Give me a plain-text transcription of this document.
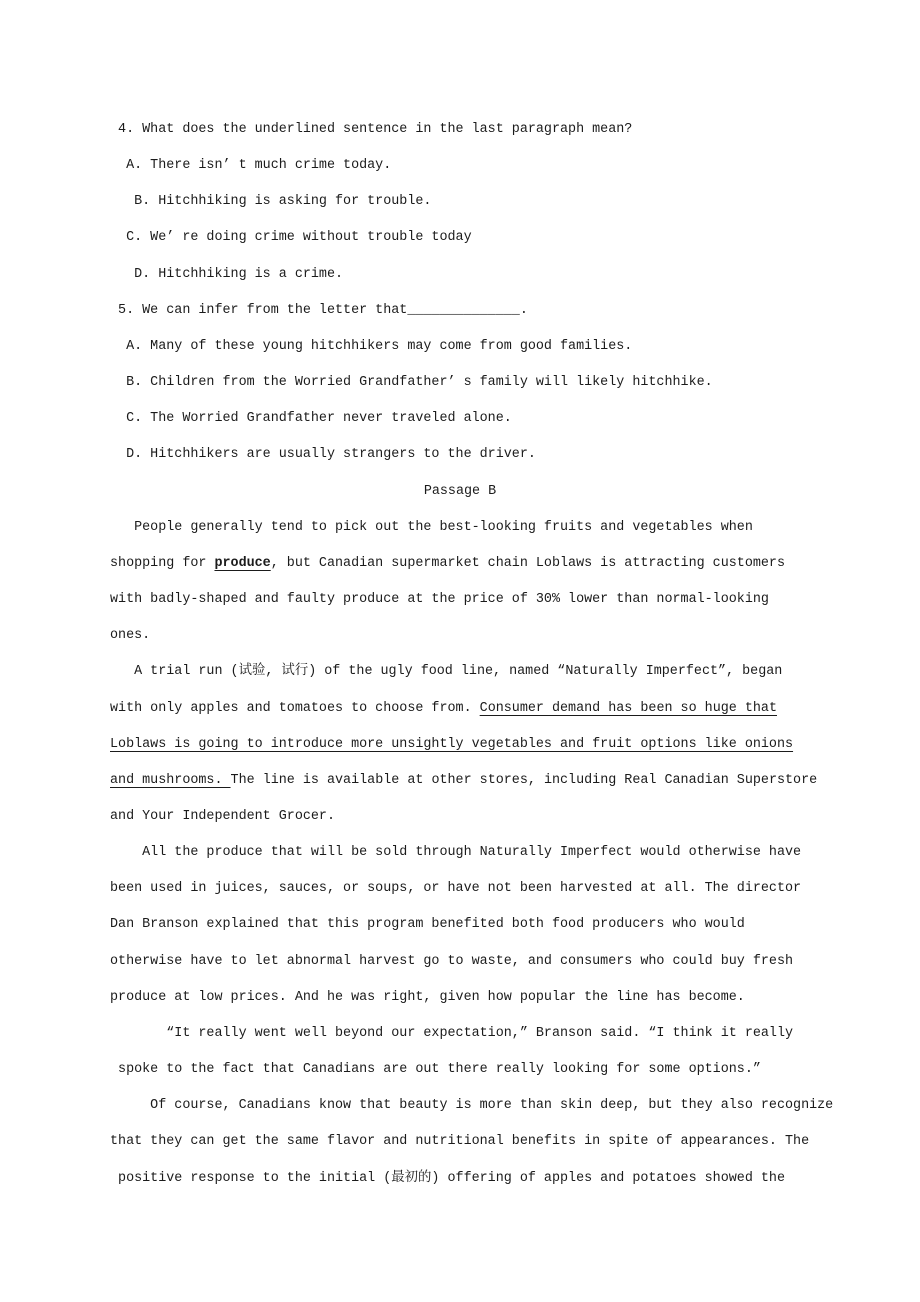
4. What does the underlined sentence in the last paragraph mean?
A. There isn’ t much crime today.
B. Hitchhiking is asking for trouble.
C. We’ re doing crime without trouble today
D. Hitchhiking is a crime.
5. We can infer from the letter that______________.
A. Many of these young hitchhikers may come from good families.
B. Children from the Worried Grandfather’ s family will likely hitchhike.
C. The Worried Grandfather never traveled alone.
D. Hitchhikers are usually strangers to the driver.
Passage B
People generally tend to pick out the best-looking fruits and vegetables when
shopping for produce, but Canadian supermarket chain Loblaws is attracting customers
with badly-shaped and faulty produce at the price of 30% lower than normal-looking
ones.
A trial run (试验, 试行) of the ugly food line, named “Naturally Imperfect”, began
with only apples and tomatoes to choose from. Consumer demand has been so huge that
Loblaws is going to introduce more unsightly vegetables and fruit options like onions
and mushrooms. The line is available at other stores, including Real Canadian Superstore
and Your Independent Grocer.
All the produce that will be sold through Naturally Imperfect would otherwise have
been used in juices, sauces, or soups, or have not been harvested at all. The director
Dan Branson explained that this program benefited both food producers who would
otherwise have to let abnormal harvest go to waste, and consumers who could buy fresh
produce at low prices. And he was right, given how popular the line has become.
“It really went well beyond our expectation,” Branson said. “I think it really
spoke to the fact that Canadians are out there really looking for some options.”
Of course, Canadians know that beauty is more than skin deep, but they also recognize
that they can get the same flavor and nutritional benefits in spite of appearances. The
positive response to the initial (最初的) offering of apples and potatoes showed the
